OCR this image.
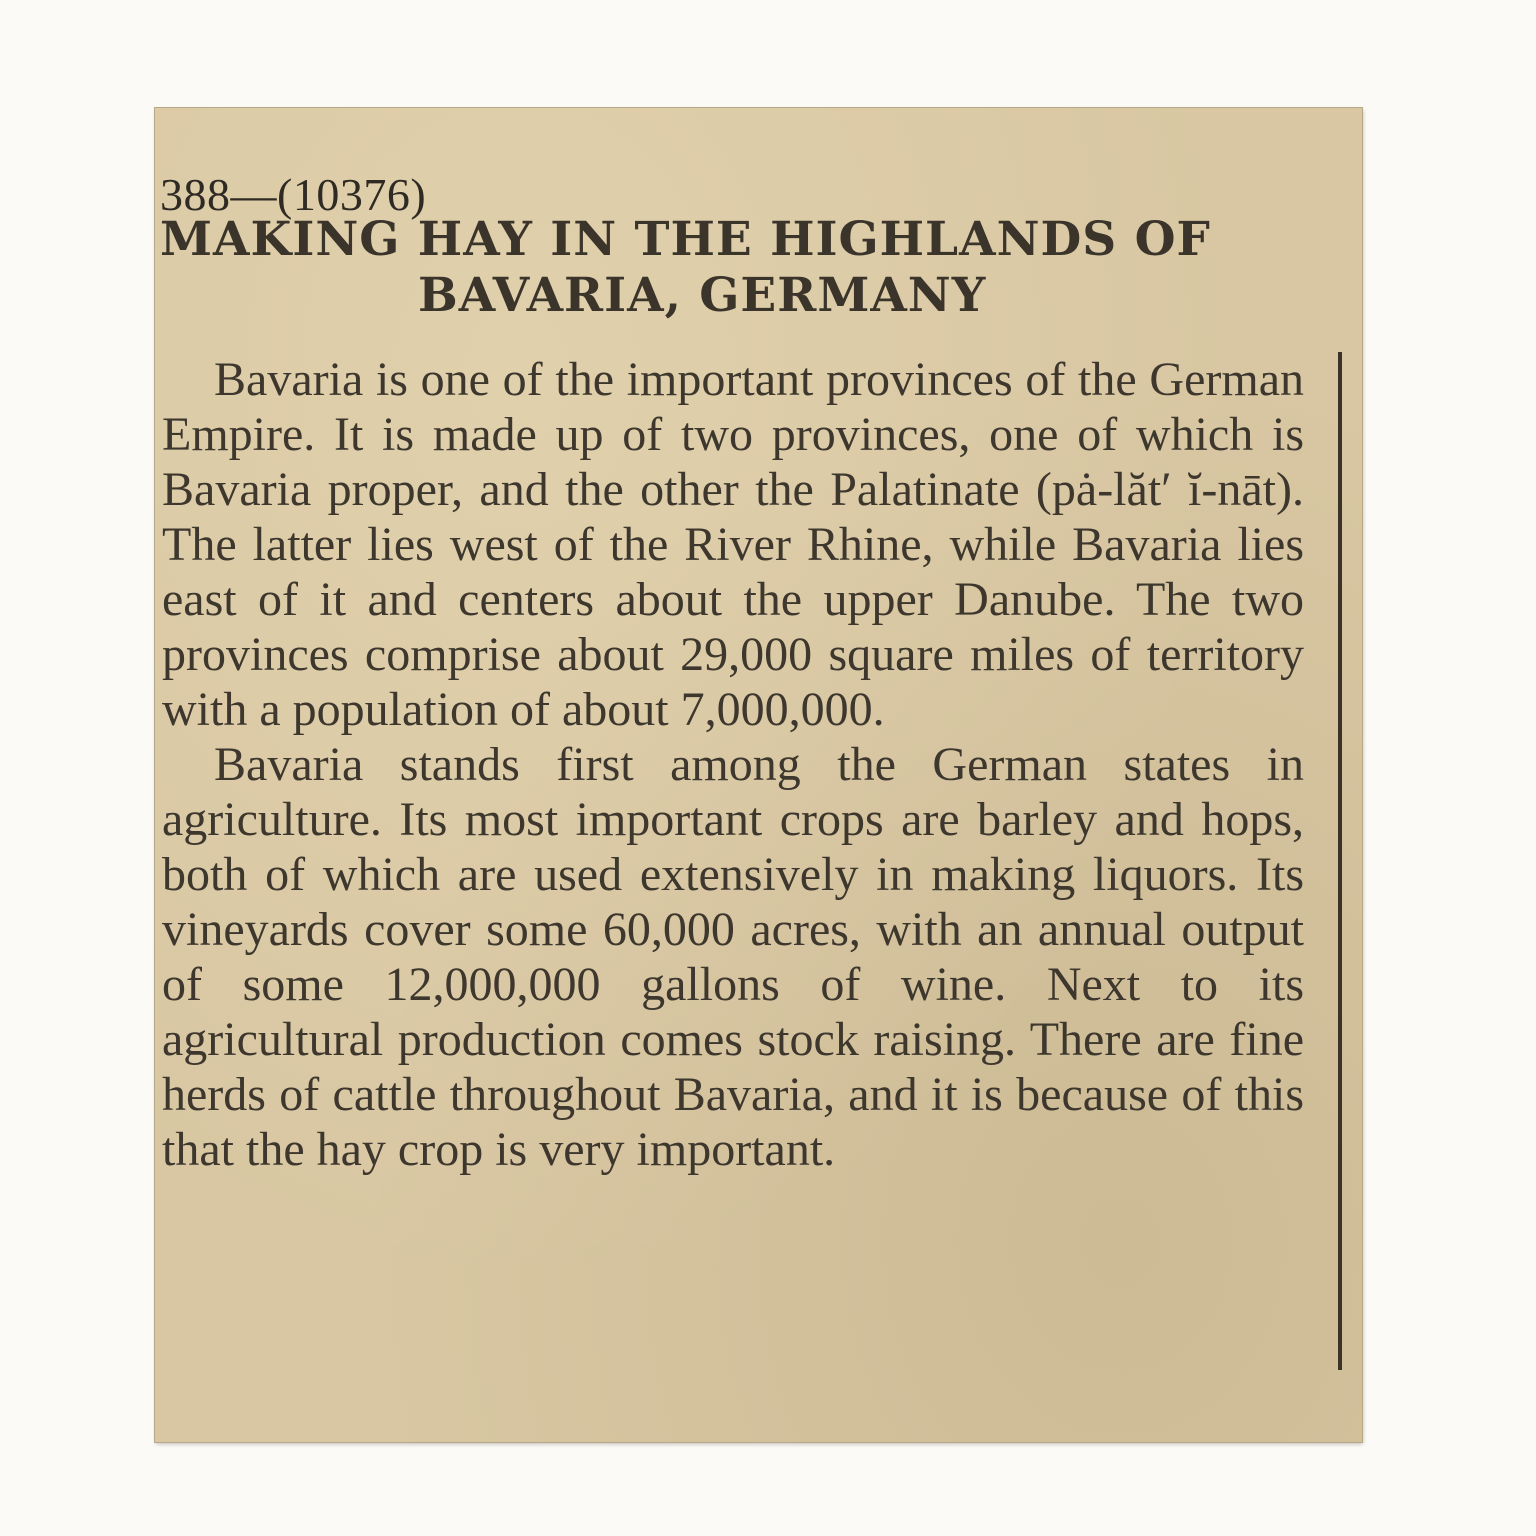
388—(10376)
MAKING HAY IN THE HIGHLANDS OF
BAVARIA, GERMANY

Bavaria is one of the important provinces of the German Empire. It is made up of two provinces, one of which is Bavaria proper, and the other the Palatinate (pȧ-lăt′ ĭ-nāt). The latter lies west of the River Rhine, while Bavaria lies east of it and centers about the upper Danube. The two provinces comprise about 29,000 square miles of territory with a population of about 7,000,000.

Bavaria stands first among the German states in agriculture. Its most important crops are barley and hops, both of which are used extensively in making liquors. Its vineyards cover some 60,000 acres, with an annual output of some 12,000,000 gallons of wine. Next to its agricultural production comes stock raising. There are fine herds of cattle throughout Bavaria, and it is because of this that the hay crop is very important.
